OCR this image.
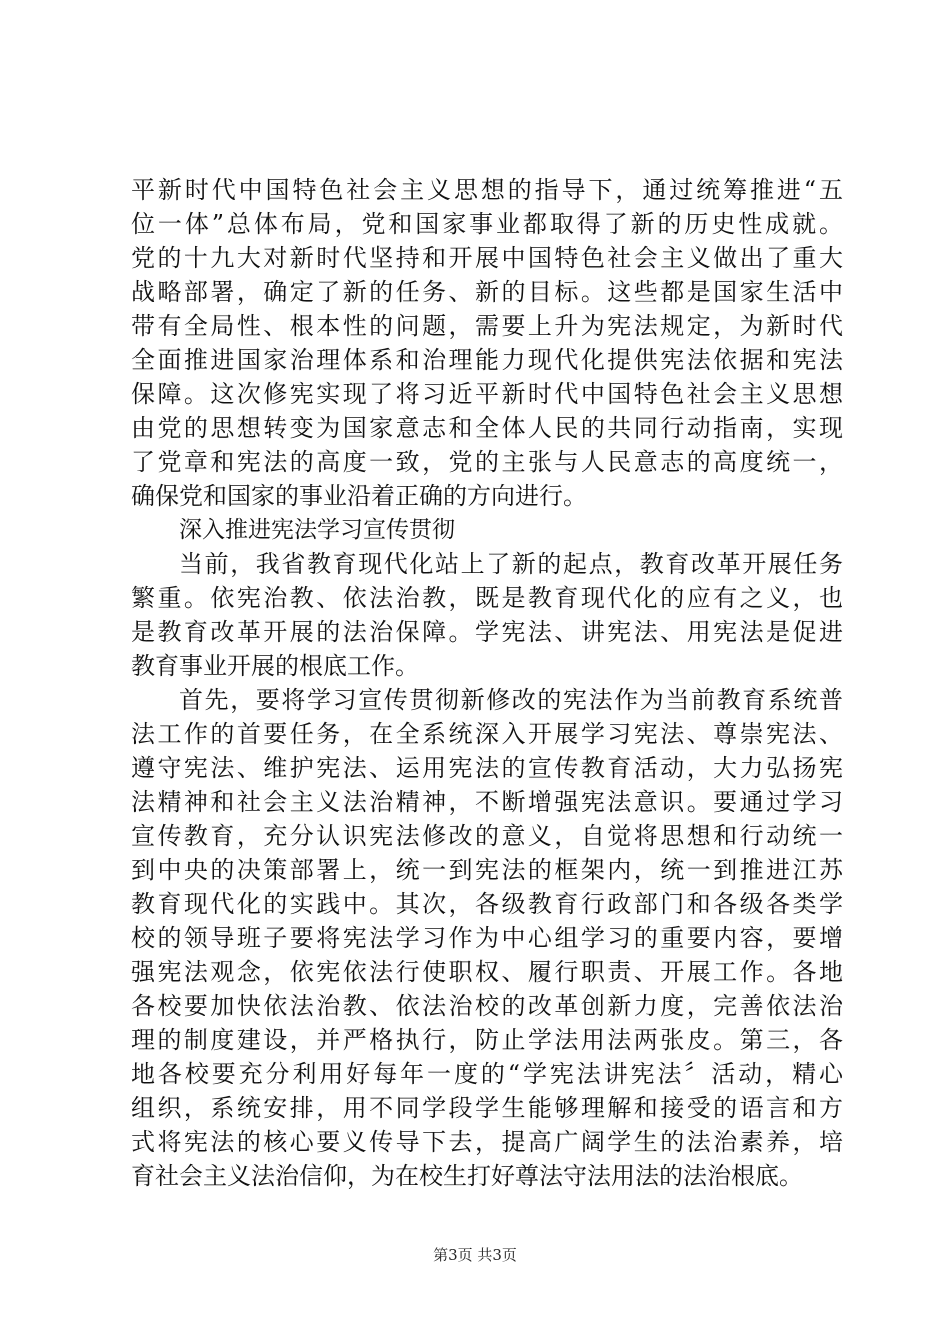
平新时代中国特色社会主义思想的指导下，通过统筹推进“五
位一体”总体布局，党和国家事业都取得了新的历史性成就。
党的十九大对新时代坚持和开展中国特色社会主义做出了重大
战略部署，确定了新的任务、新的目标。这些都是国家生活中
带有全局性、根本性的问题，需要上升为宪法规定，为新时代
全面推进国家治理体系和治理能力现代化提供宪法依据和宪法
保障。这次修宪实现了将习近平新时代中国特色社会主义思想
由党的思想转变为国家意志和全体人民的共同行动指南，实现
了党章和宪法的高度一致，党的主张与人民意志的高度统一，
确保党和国家的事业沿着正确的方向进行。
深入推进宪法学习宣传贯彻
当前，我省教育现代化站上了新的起点，教育改革开展任务
繁重。依宪治教、依法治教，既是教育现代化的应有之义，也
是教育改革开展的法治保障。学宪法、讲宪法、用宪法是促进
教育事业开展的根底工作。
首先，要将学习宣传贯彻新修改的宪法作为当前教育系统普
法工作的首要任务，在全系统深入开展学习宪法、尊崇宪法、
遵守宪法、维护宪法、运用宪法的宣传教育活动，大力弘扬宪
法精神和社会主义法治精神，不断增强宪法意识。要通过学习
宣传教育，充分认识宪法修改的意义，自觉将思想和行动统一
到中央的决策部署上，统一到宪法的框架内，统一到推进江苏
教育现代化的实践中。其次，各级教育行政部门和各级各类学
校的领导班子要将宪法学习作为中心组学习的重要内容，要增
强宪法观念，依宪依法行使职权、履行职责、开展工作。各地
各校要加快依法治教、依法治校的改革创新力度，完善依法治
理的制度建设，并严格执行，防止学法用法两张皮。第三，各
地各校要充分利用好每年一度的“学宪法讲宪法〞活动，精心
组织，系统安排，用不同学段学生能够理解和接受的语言和方
式将宪法的核心要义传导下去，提高广阔学生的法治素养，培
育社会主义法治信仰，为在校生打好尊法守法用法的法治根底。
第3页 共3页
